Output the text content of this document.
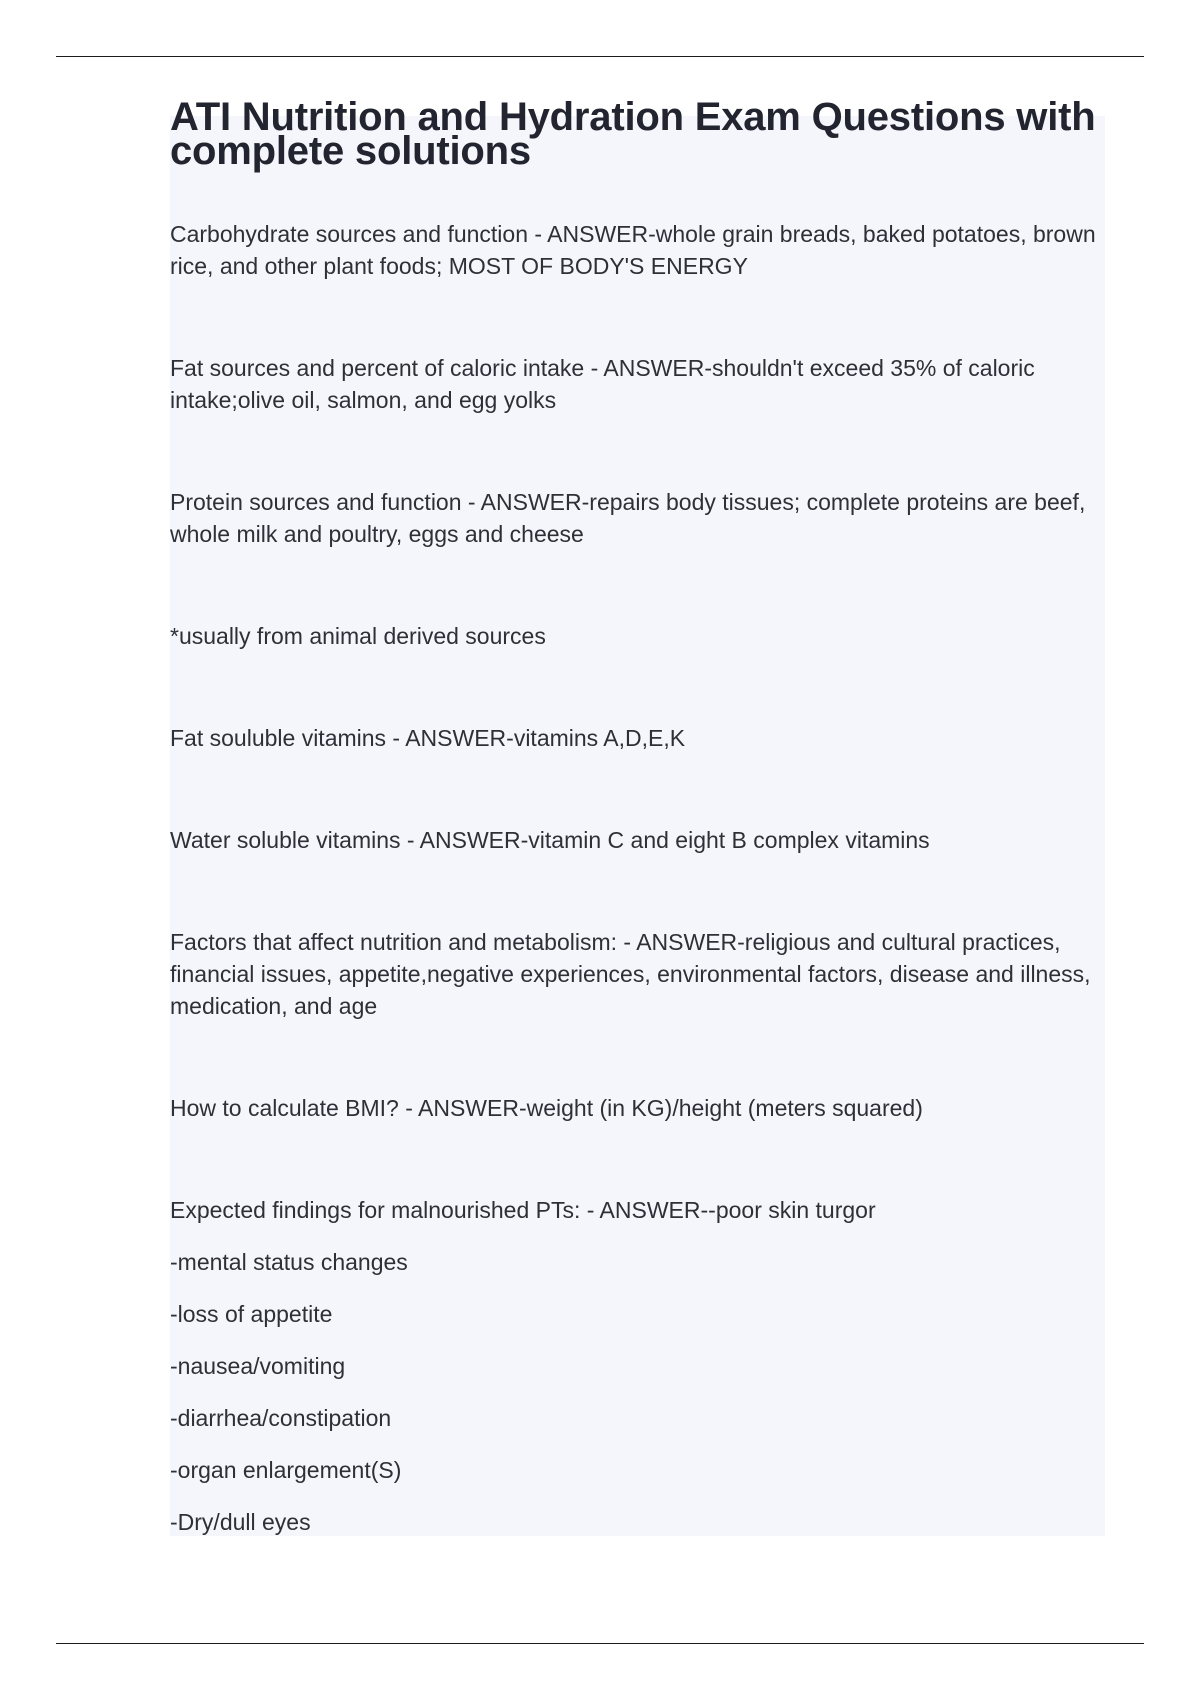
ATI Nutrition and Hydration Exam Questions with complete solutions

Carbohydrate sources and function - ANSWER-whole grain breads, baked potatoes, brown rice, and other plant foods; MOST OF BODY'S ENERGY

Fat sources and percent of caloric intake - ANSWER-shouldn't exceed 35% of caloric intake;olive oil, salmon, and egg yolks

Protein sources and function - ANSWER-repairs body tissues; complete proteins are beef, whole milk and poultry, eggs and cheese

*usually from animal derived sources

Fat souluble vitamins - ANSWER-vitamins A,D,E,K

Water soluble vitamins - ANSWER-vitamin C and eight B complex vitamins

Factors that affect nutrition and metabolism: - ANSWER-religious and cultural practices, financial issues, appetite,negative experiences, environmental factors, disease and illness, medication, and age

How to calculate BMI? - ANSWER-weight (in KG)/height (meters squared)

Expected findings for malnourished PTs: - ANSWER--poor skin turgor

-mental status changes

-loss of appetite

-nausea/vomiting

-diarrhea/constipation

-organ enlargement(S)

-Dry/dull eyes
